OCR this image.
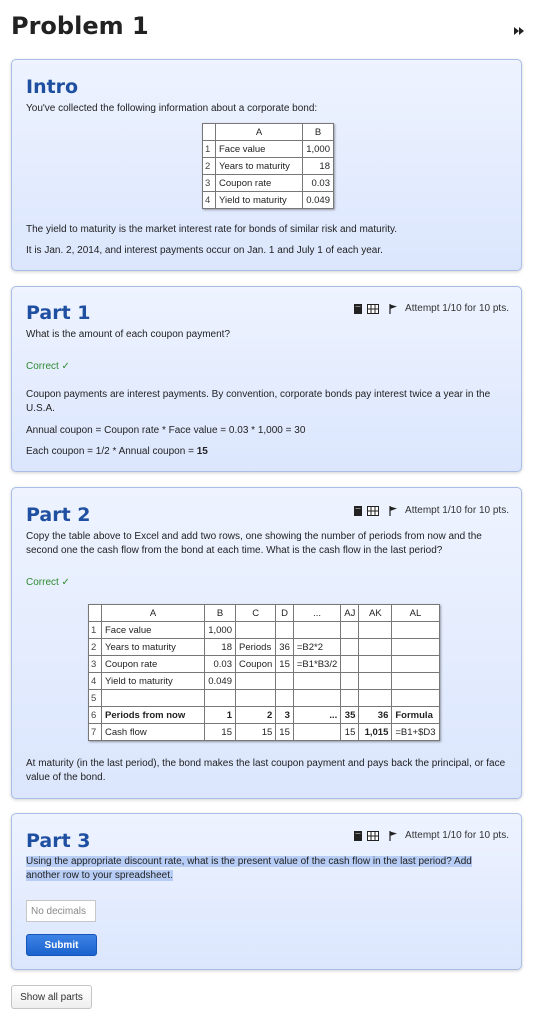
Problem 1
Intro

You've collected the following information about a corporate bond:

	A	B
1	Face value	1,000
2	Years to maturity	18
3	Coupon rate	0.03
4	Yield to maturity	0.049

The yield to maturity is the market interest rate for bonds of similar risk and maturity.

It is Jan. 2, 2014, and interest payments occur on Jan. 1 and July 1 of each year.

Part 1	Attempt 1/10 for 10 pts.

What is the amount of each coupon payment?

Correct ✓

Coupon payments are interest payments. By convention, corporate bonds pay interest twice a year in the U.S.A.

Annual coupon = Coupon rate * Face value = 0.03 * 1,000 = 30

Each coupon = 1/2 * Annual coupon = 15

Part 2	Attempt 1/10 for 10 pts.

Copy the table above to Excel and add two rows, one showing the number of periods from now and the second one the cash flow from the bond at each time. What is the cash flow in the last period?

Correct ✓

	A	B	C	D	...	AJ	AK	AL
1	Face value	1,000						
2	Years to maturity	18	Periods	36	=B2*2			
3	Coupon rate	0.03	Coupon	15	=B1*B3/2			
4	Yield to maturity	0.049						
5								
6	Periods from now	1	2	3	...	35	36	Formula
7	Cash flow	15	15	15		15	1,015	=B1+$D3

At maturity (in the last period), the bond makes the last coupon payment and pays back the principal, or face value of the bond.

Part 3	Attempt 1/10 for 10 pts.

Using the appropriate discount rate, what is the present value of the cash flow in the last period? Add
another row to your spreadsheet.

No decimals
Submit
Show all parts
